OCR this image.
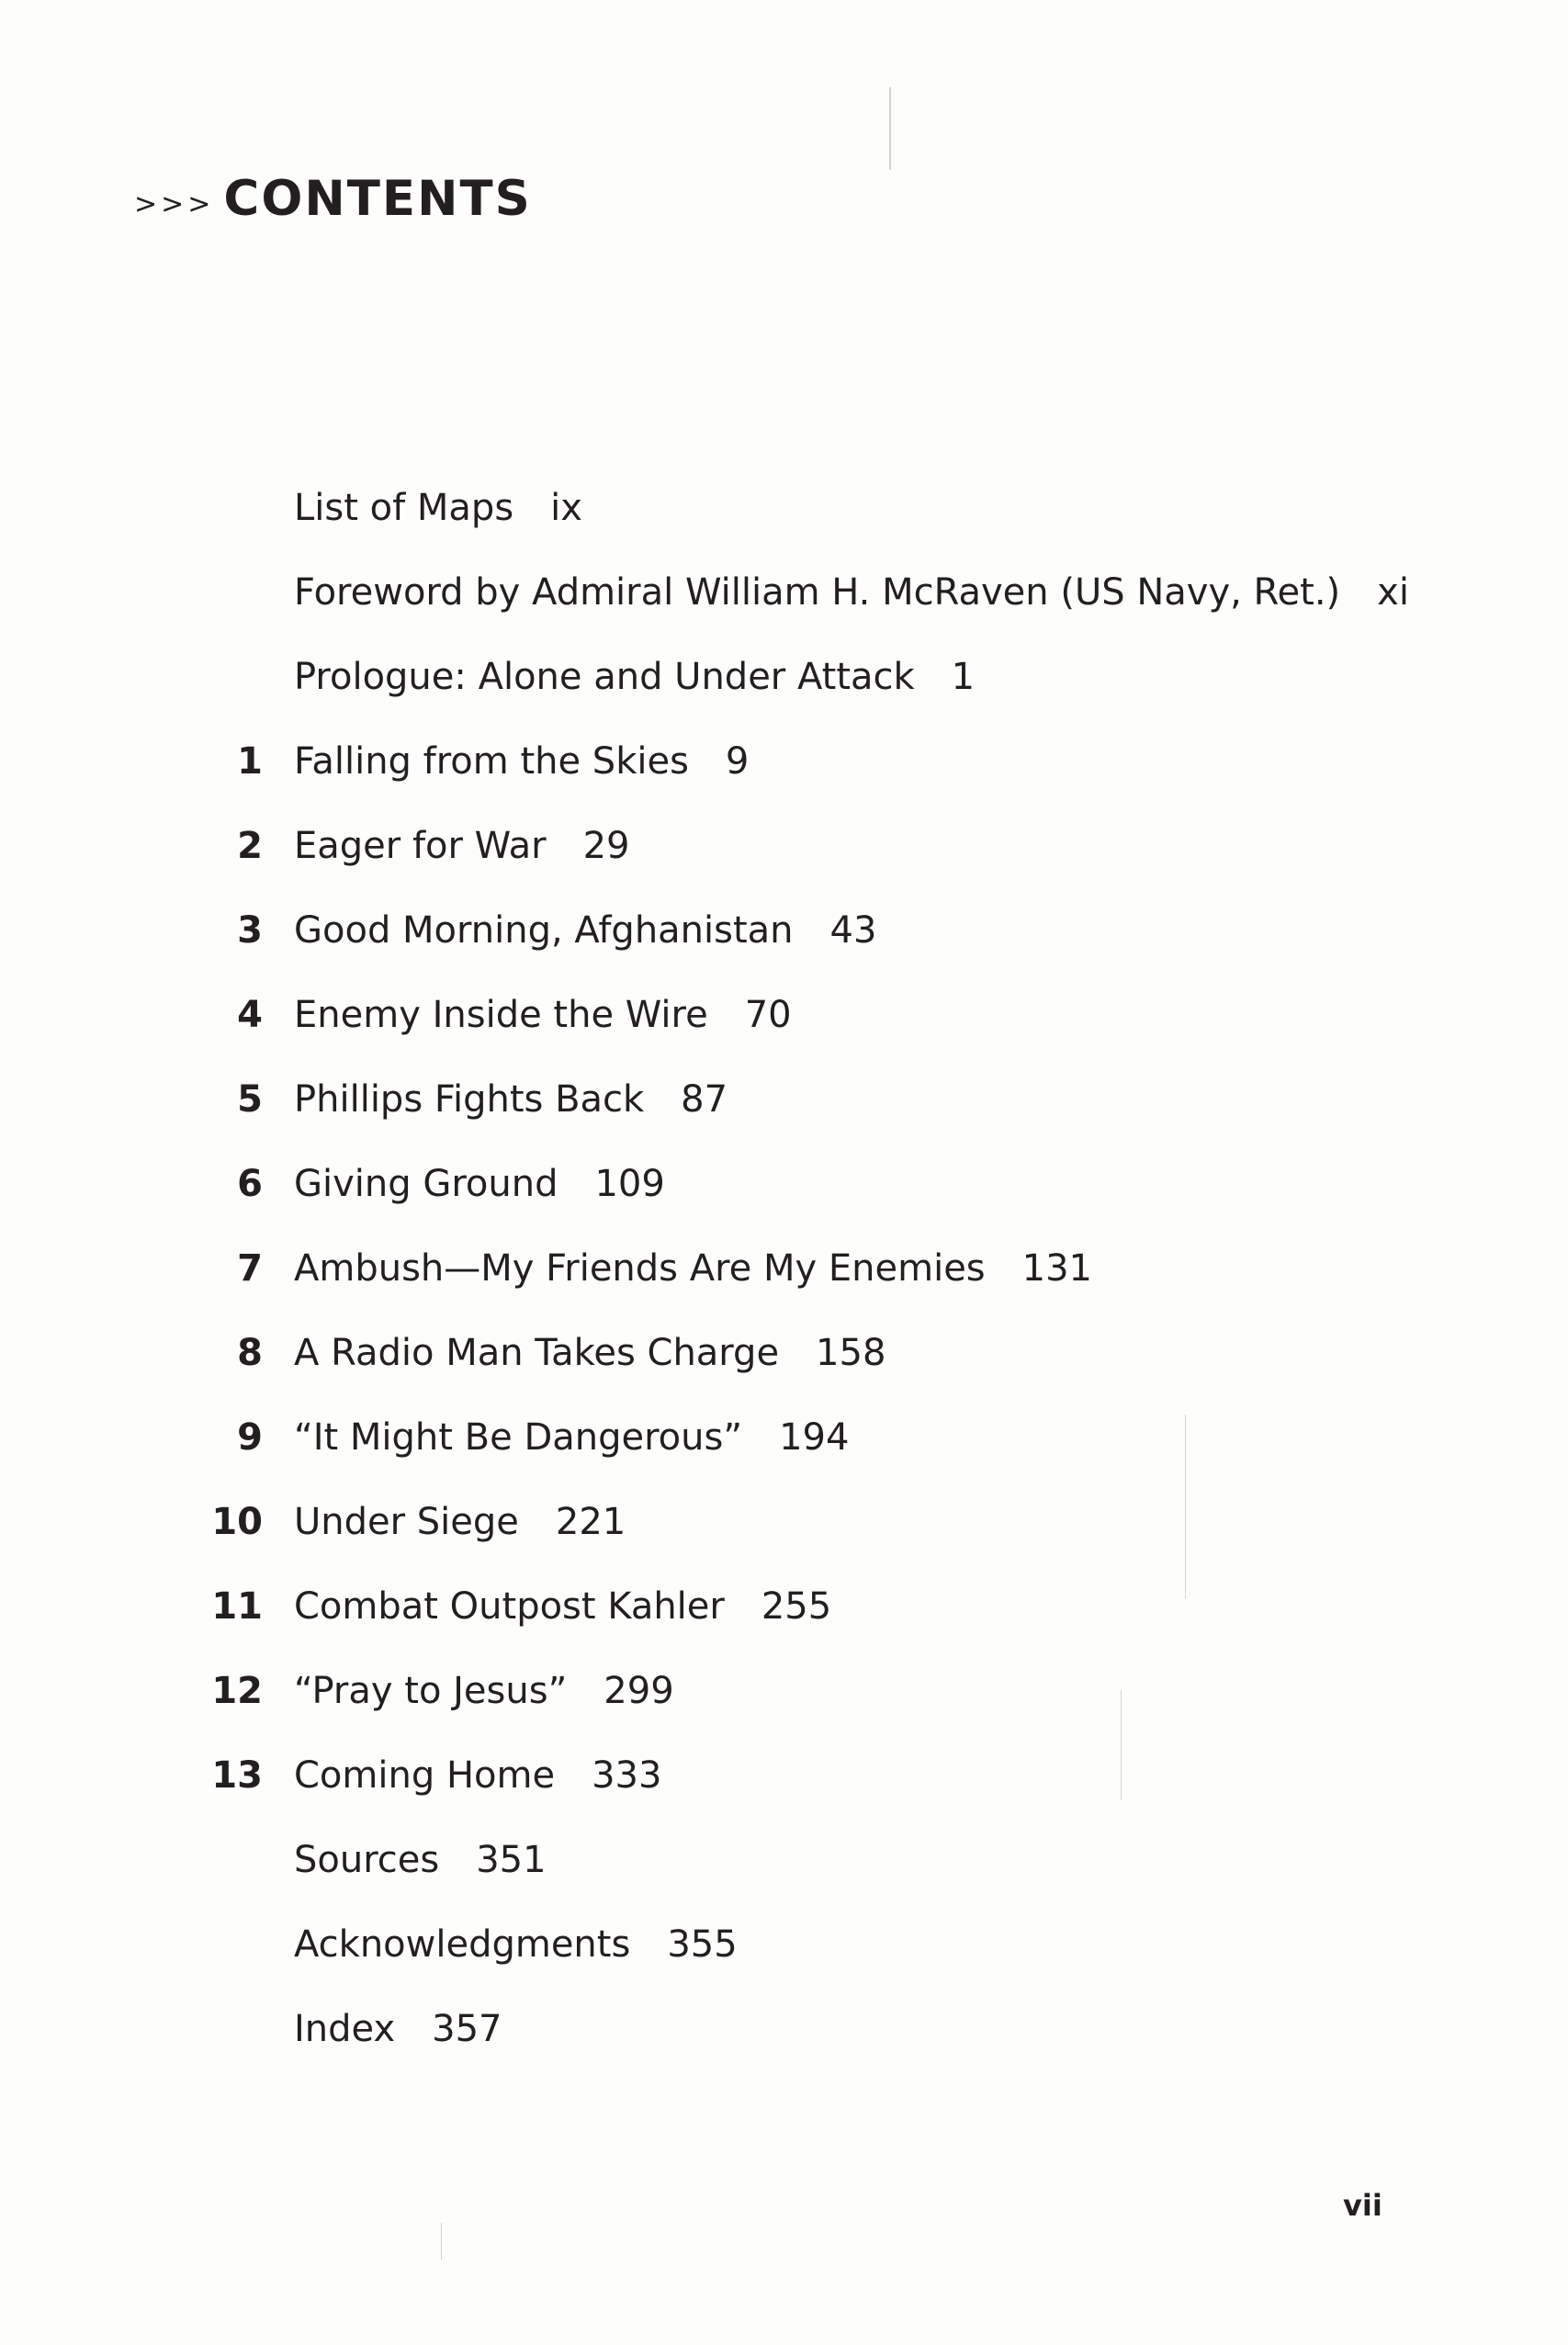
>>> CONTENTS
List of Maps ix
Foreword by Admiral William H. McRaven (US Navy, Ret.) xi
Prologue: Alone and Under Attack 1
1 Falling from the Skies 9
2 Eager for War 29
3 Good Morning, Afghanistan 43
4 Enemy Inside the Wire 70
5 Phillips Fights Back 87
6 Giving Ground 109
7 Ambush—My Friends Are My Enemies 131
8 A Radio Man Takes Charge 158
9 “It Might Be Dangerous” 194
10 Under Siege 221
11 Combat Outpost Kahler 255
12 “Pray to Jesus” 299
13 Coming Home 333
Sources 351
Acknowledgments 355
Index 357
vii
